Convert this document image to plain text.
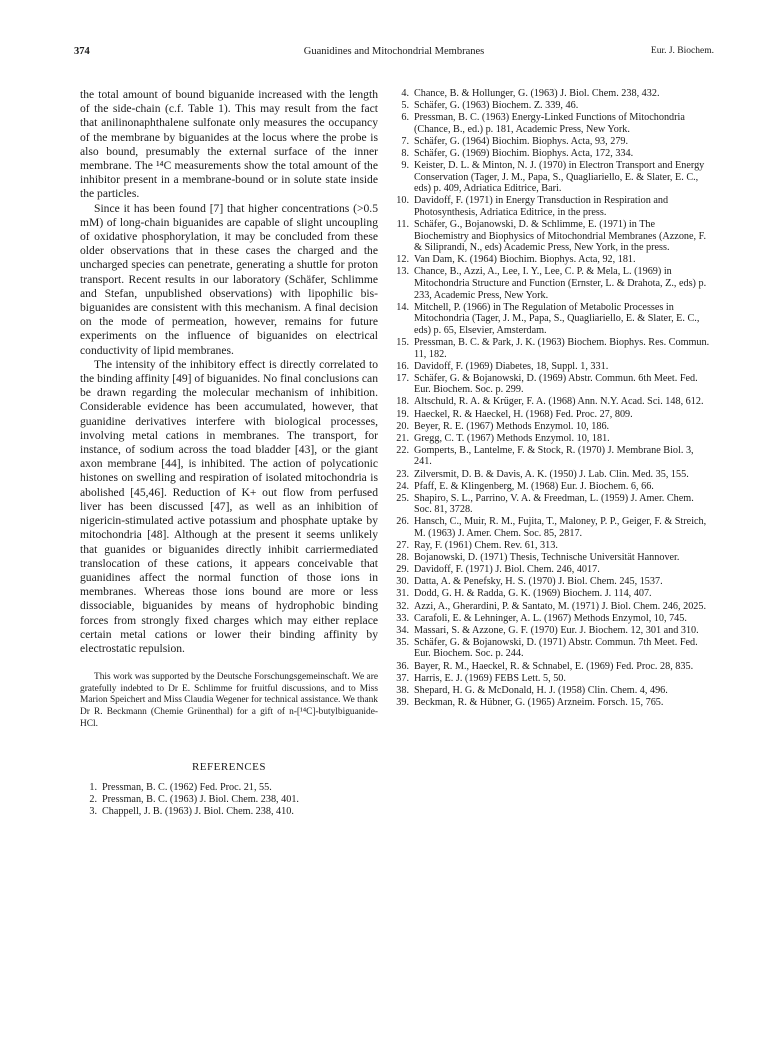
374	Guanidines and Mitochondrial Membranes	Eur. J. Biochem.

the total amount of bound biguanide increased with the length of the side-chain (c.f. Table 1). This may result from the fact that anilinonaphthalene sulfonate only measures the occupancy of the membrane by biguanides at the locus where the probe is also bound, presumably the external surface of the inner membrane. The ¹⁴C measurements show the total amount of the inhibitor present in a membrane-bound or in solute state inside the particles.

Since it has been found [7] that higher concentrations (>0.5 mM) of long-chain biguanides are capable of slight uncoupling of oxidative phosphorylation, it may be concluded from these older observations that in these cases the charged and the uncharged species can penetrate, generating a shuttle for proton transport. Recent results in our laboratory (Schäfer, Schlimme and Stefan, unpublished observations) with lipophilic bis-biguanides are consistent with this mechanism. A final decision on the mode of permeation, however, remains for future experiments on the influence of biguanides on electrical conductivity of lipid membranes.

The intensity of the inhibitory effect is directly correlated to the binding affinity [49] of biguanides. No final conclusions can be drawn regarding the molecular mechanism of inhibition. Considerable evidence has been accumulated, however, that guanidine derivatives interfere with biological processes, involving metal cations in membranes. The transport, for instance, of sodium across the toad bladder [43], or the giant axon membrane [44], is inhibited. The action of polycationic histones on swelling and respiration of isolated mitochondria is abolished [45,46]. Reduction of K+ out flow from perfused liver has been discussed [47], as well as an inhibition of nigericin-stimulated active potassium and phosphate uptake by mitochondria [48]. Although at the present it seems unlikely that guanides or biguanides directly inhibit carriermediated translocation of these cations, it appears conceivable that guanidines affect the normal function of those ions in membranes. Whereas those ions bound are more or less dissociable, biguanides by means of hydrophobic binding forces from strongly fixed charges which may either replace certain metal cations or lower their binding affinity by electrostatic repulsion.

This work was supported by the Deutsche Forschungsgemeinschaft. We are gratefully indebted to Dr E. Schlimme for fruitful discussions, and to Miss Marion Speichert and Miss Claudia Wegener for technical assistance. We thank Dr R. Beckmann (Chemie Grünenthal) for a gift of n-[¹⁴C]-butylbiguanide-HCl.

REFERENCES
1. Pressman, B. C. (1962) Fed. Proc. 21, 55.
2. Pressman, B. C. (1963) J. Biol. Chem. 238, 401.
3. Chappell, J. B. (1963) J. Biol. Chem. 238, 410.
4. Chance, B. & Hollunger, G. (1963) J. Biol. Chem. 238, 432.
5. Schäfer, G. (1963) Biochem. Z. 339, 46.
6. Pressman, B. C. (1963) Energy-Linked Functions of Mitochondria (Chance, B., ed.) p. 181, Academic Press, New York.
7. Schäfer, G. (1964) Biochim. Biophys. Acta, 93, 279.
8. Schäfer, G. (1969) Biochim. Biophys. Acta, 172, 334.
9. Keister, D. L. & Minton, N. J. (1970) in Electron Transport and Energy Conservation (Tager, J. M., Papa, S., Quagliariello, E. & Slater, E. C., eds) p. 409, Adriatica Editrice, Bari.
10. Davidoff, F. (1971) in Energy Transduction in Respiration and Photosynthesis, Adriatica Editrice, in the press.
11. Schäfer, G., Bojanowski, D. & Schlimme, E. (1971) in The Biochemistry and Biophysics of Mitochondrial Membranes (Azzone, F. & Siliprandi, N., eds) Academic Press, New York, in the press.
12. Van Dam, K. (1964) Biochim. Biophys. Acta, 92, 181.
13. Chance, B., Azzi, A., Lee, I. Y., Lee, C. P. & Mela, L. (1969) in Mitochondria Structure and Function (Ernster, L. & Drahota, Z., eds) p. 233, Academic Press, New York.
14. Mitchell, P. (1966) in The Regulation of Metabolic Processes in Mitochondria (Tager, J. M., Papa, S., Quagliariello, E. & Slater, E. C., eds) p. 65, Elsevier, Amsterdam.
15. Pressman, B. C. & Park, J. K. (1963) Biochem. Biophys. Res. Commun. 11, 182.
16. Davidoff, F. (1969) Diabetes, 18, Suppl. 1, 331.
17. Schäfer, G. & Bojanowski, D. (1969) Abstr. Commun. 6th Meet. Fed. Eur. Biochem. Soc. p. 299.
18. Altschuld, R. A. & Krüger, F. A. (1968) Ann. N.Y. Acad. Sci. 148, 612.
19. Haeckel, R. & Haeckel, H. (1968) Fed. Proc. 27, 809.
20. Beyer, R. E. (1967) Methods Enzymol. 10, 186.
21. Gregg, C. T. (1967) Methods Enzymol. 10, 181.
22. Gomperts, B., Lantelme, F. & Stock, R. (1970) J. Membrane Biol. 3, 241.
23. Zilversmit, D. B. & Davis, A. K. (1950) J. Lab. Clin. Med. 35, 155.
24. Pfaff, E. & Klingenberg, M. (1968) Eur. J. Biochem. 6, 66.
25. Shapiro, S. L., Parrino, V. A. & Freedman, L. (1959) J. Amer. Chem. Soc. 81, 3728.
26. Hansch, C., Muir, R. M., Fujita, T., Maloney, P. P., Geiger, F. & Streich, M. (1963) J. Amer. Chem. Soc. 85, 2817.
27. Ray, F. (1961) Chem. Rev. 61, 313.
28. Bojanowski, D. (1971) Thesis, Technische Universität Hannover.
29. Davidoff, F. (1971) J. Biol. Chem. 246, 4017.
30. Datta, A. & Penefsky, H. S. (1970) J. Biol. Chem. 245, 1537.
31. Dodd, G. H. & Radda, G. K. (1969) Biochem. J. 114, 407.
32. Azzi, A., Gherardini, P. & Santato, M. (1971) J. Biol. Chem. 246, 2025.
33. Carafoli, E. & Lehninger, A. L. (1967) Methods Enzymol, 10, 745.
34. Massari, S. & Azzone, G. F. (1970) Eur. J. Biochem. 12, 301 and 310.
35. Schäfer, G. & Bojanowski, D. (1971) Abstr. Commun. 7th Meet. Fed. Eur. Biochem. Soc. p. 244.
36. Bayer, R. M., Haeckel, R. & Schnabel, E. (1969) Fed. Proc. 28, 835.
37. Harris, E. J. (1969) FEBS Lett. 5, 50.
38. Shepard, H. G. & McDonald, H. J. (1958) Clin. Chem. 4, 496.
39. Beckman, R. & Hübner, G. (1965) Arzneim. Forsch. 15, 765.
